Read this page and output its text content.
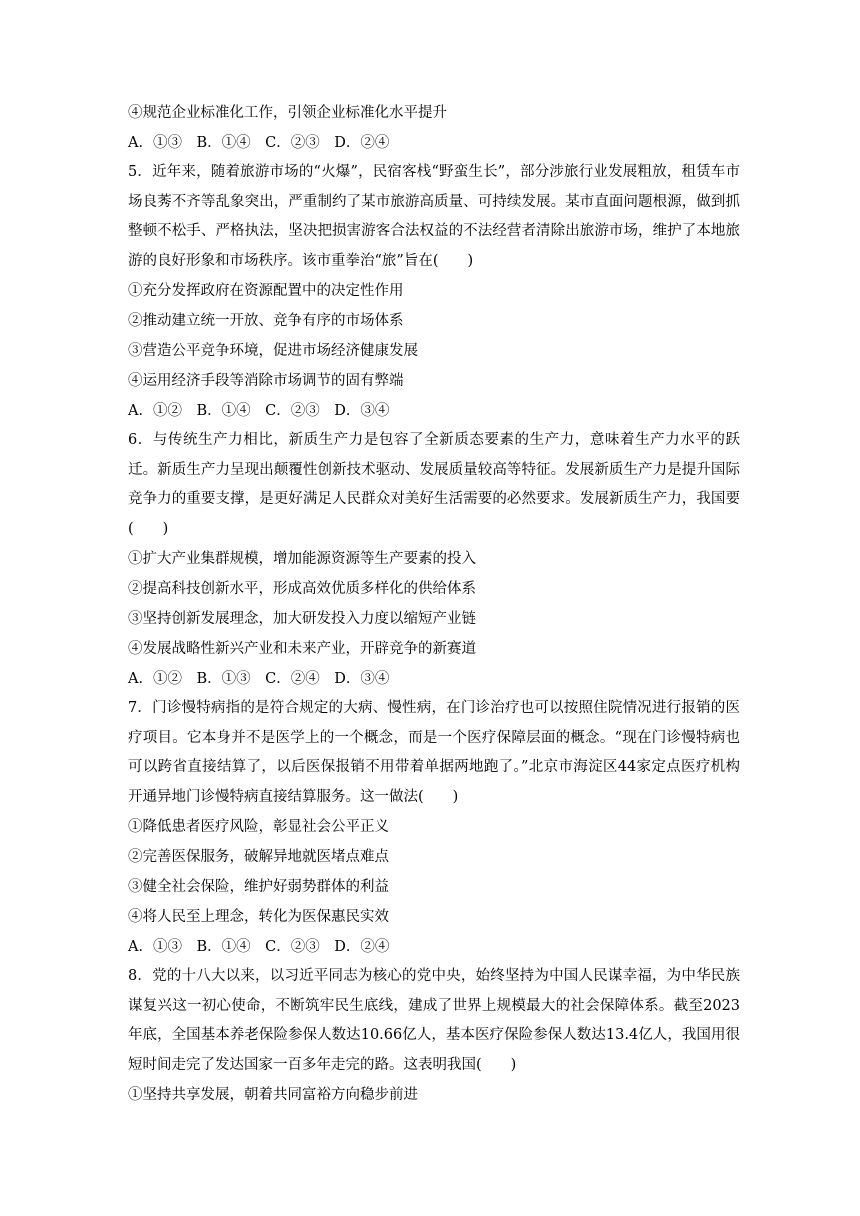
④规范企业标准化工作，引领企业标准化水平提升
A．①③　B．①④　C．②③　D．②④
5．近年来，随着旅游市场的“火爆”，民宿客栈“野蛮生长”，部分涉旅行业发展粗放，租赁车市场良莠不齐等乱象突出，严重制约了某市旅游高质量、可持续发展。某市直面问题根源，做到抓整顿不松手、严格执法，坚决把损害游客合法权益的不法经营者清除出旅游市场，维护了本地旅游的良好形象和市场秩序。该市重拳治“旅”旨在(　　)
①充分发挥政府在资源配置中的决定性作用
②推动建立统一开放、竞争有序的市场体系
③营造公平竞争环境，促进市场经济健康发展
④运用经济手段等消除市场调节的固有弊端
A．①②　B．①④　C．②③　D．③④
6．与传统生产力相比，新质生产力是包容了全新质态要素的生产力，意味着生产力水平的跃迁。新质生产力呈现出颠覆性创新技术驱动、发展质量较高等特征。发展新质生产力是提升国际竞争力的重要支撑，是更好满足人民群众对美好生活需要的必然要求。发展新质生产力，我国要(　　)
①扩大产业集群规模，增加能源资源等生产要素的投入
②提高科技创新水平，形成高效优质多样化的供给体系
③坚持创新发展理念，加大研发投入力度以缩短产业链
④发展战略性新兴产业和未来产业，开辟竞争的新赛道
A．①②　B．①③　C．②④　D．③④
7．门诊慢特病指的是符合规定的大病、慢性病，在门诊治疗也可以按照住院情况进行报销的医疗项目。它本身并不是医学上的一个概念，而是一个医疗保障层面的概念。“现在门诊慢特病也可以跨省直接结算了，以后医保报销不用带着单据两地跑了。”北京市海淀区44家定点医疗机构开通异地门诊慢特病直接结算服务。这一做法(　　)
①降低患者医疗风险，彰显社会公平正义
②完善医保服务，破解异地就医堵点难点
③健全社会保险，维护好弱势群体的利益
④将人民至上理念，转化为医保惠民实效
A．①③　B．①④　C．②③　D．②④
8．党的十八大以来，以习近平同志为核心的党中央，始终坚持为中国人民谋幸福，为中华民族谋复兴这一初心使命，不断筑牢民生底线，建成了世界上规模最大的社会保障体系。截至2023年底，全国基本养老保险参保人数达10.66亿人，基本医疗保险参保人数达13.4亿人，我国用很短时间走完了发达国家一百多年走完的路。这表明我国(　　)
①坚持共享发展，朝着共同富裕方向稳步前进
